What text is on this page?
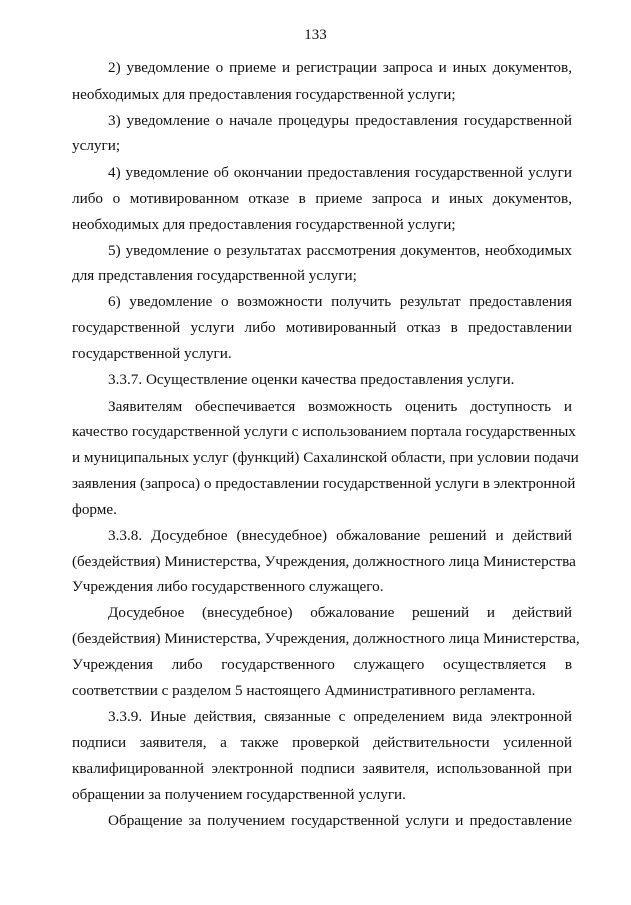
133
2) уведомление о приеме и регистрации запроса и иных документов,
необходимых для предоставления государственной услуги;
3) уведомление о начале процедуры предоставления государственной
услуги;
4) уведомление об окончании предоставления государственной услуги
либо о мотивированном отказе в приеме запроса и иных документов,
необходимых для предоставления государственной услуги;
5) уведомление о результатах рассмотрения документов, необходимых
для представления государственной услуги;
6) уведомление о возможности получить результат предоставления
государственной услуги либо мотивированный отказ в предоставлении
государственной услуги.
3.3.7. Осуществление оценки качества предоставления услуги.
Заявителям обеспечивается возможность оценить доступность и
качество государственной услуги с использованием портала государственных
и муниципальных услуг (функций) Сахалинской области, при условии подачи
заявления (запроса) о предоставлении государственной услуги в электронной
форме.
3.3.8. Досудебное (внесудебное) обжалование решений и действий
(бездействия) Министерства, Учреждения, должностного лица Министерства
Учреждения либо государственного служащего.
Досудебное (внесудебное) обжалование решений и действий
(бездействия) Министерства, Учреждения, должностного лица Министерства,
Учреждения либо государственного служащего осуществляется в
соответствии с разделом 5 настоящего Административного регламента.
3.3.9. Иные действия, связанные с определением вида электронной
подписи заявителя, а также проверкой действительности усиленной
квалифицированной электронной подписи заявителя, использованной при
обращении за получением государственной услуги.
Обращение за получением государственной услуги и предоставление
